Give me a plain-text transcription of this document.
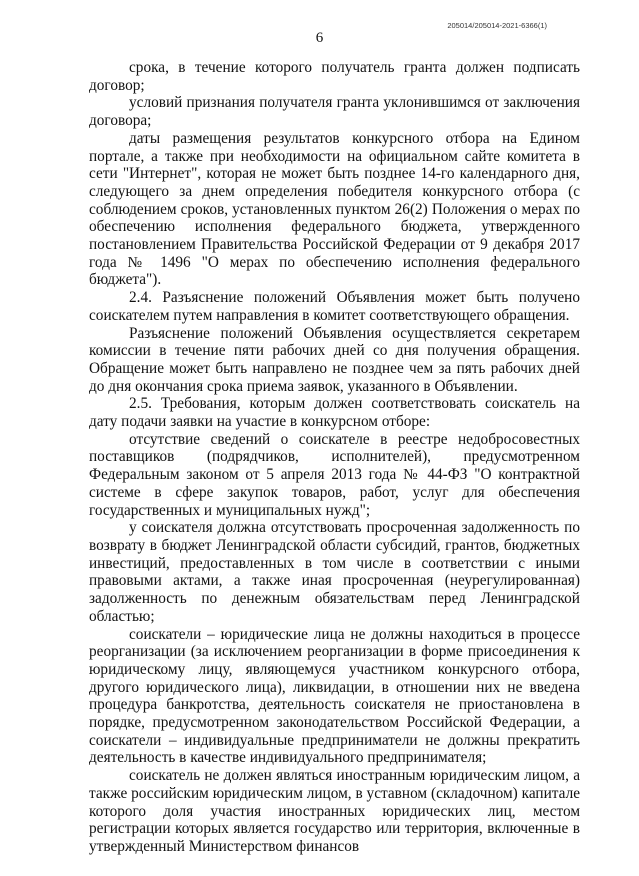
205014/205014-2021-6366(1)
6

срока, в течение которого получатель гранта должен подписать договор;

условий признания получателя гранта уклонившимся от заключения договора;

даты размещения результатов конкурсного отбора на Едином портале, а также при необходимости на официальном сайте комитета в сети "Интернет", которая не может быть позднее 14-го календарного дня, следующего за днем определения победителя конкурсного отбора (с соблюдением сроков, установленных пунктом 26(2) Положения о мерах по обеспечению исполнения федерального бюджета, утвержденного постановлением Правительства Российской Федерации от 9 декабря 2017 года № 1496 "О мерах по обеспечению исполнения федерального бюджета").

2.4. Разъяснение положений Объявления может быть получено соискателем путем направления в комитет соответствующего обращения.

Разъяснение положений Объявления осуществляется секретарем комиссии в течение пяти рабочих дней со дня получения обращения. Обращение может быть направлено не позднее чем за пять рабочих дней до дня окончания срока приема заявок, указанного в Объявлении.

2.5. Требования, которым должен соответствовать соискатель на дату подачи заявки на участие в конкурсном отборе:

отсутствие сведений о соискателе в реестре недобросовестных поставщиков (подрядчиков, исполнителей), предусмотренном Федеральным законом от 5 апреля 2013 года № 44-ФЗ "О контрактной системе в сфере закупок товаров, работ, услуг для обеспечения государственных и муниципальных нужд";

у соискателя должна отсутствовать просроченная задолженность по возврату в бюджет Ленинградской области субсидий, грантов, бюджетных инвестиций, предоставленных в том числе в соответствии с иными правовыми актами, а также иная просроченная (неурегулированная) задолженность по денежным обязательствам перед Ленинградской областью;

соискатели – юридические лица не должны находиться в процессе реорганизации (за исключением реорганизации в форме присоединения к юридическому лицу, являющемуся участником конкурсного отбора, другого юридического лица), ликвидации, в отношении них не введена процедура банкротства, деятельность соискателя не приостановлена в порядке, предусмотренном законодательством Российской Федерации, а соискатели – индивидуальные предприниматели не должны прекратить деятельность в качестве индивидуального предпринимателя;

соискатель не должен являться иностранным юридическим лицом, а также российским юридическим лицом, в уставном (складочном) капитале которого доля участия иностранных юридических лиц, местом регистрации которых является государство или территория, включенные в утвержденный Министерством финансов
